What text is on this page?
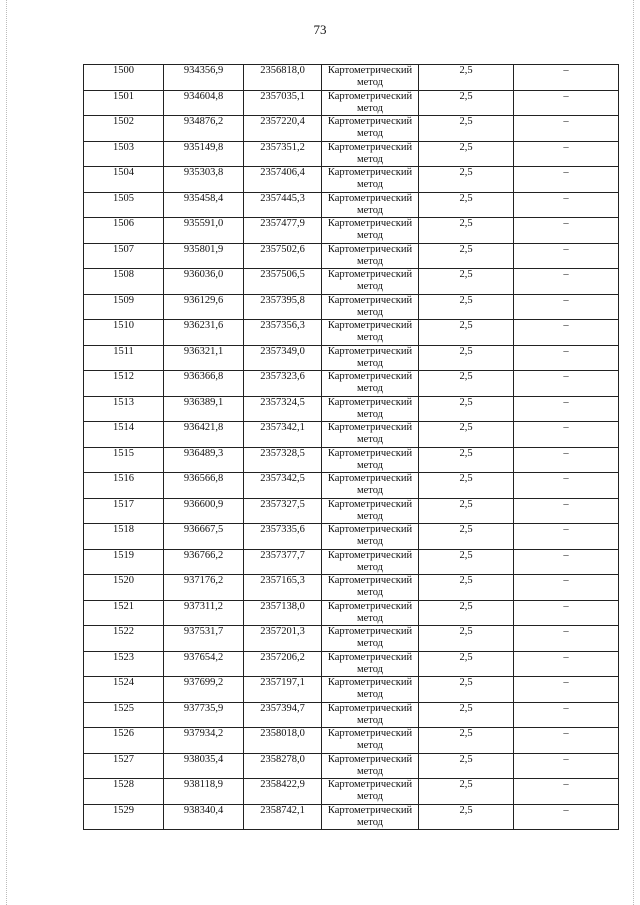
73
1500	934356,9	2356818,0	Картометрический метод	2,5	–
1501	934604,8	2357035,1	Картометрический метод	2,5	–
1502	934876,2	2357220,4	Картометрический метод	2,5	–
1503	935149,8	2357351,2	Картометрический метод	2,5	–
1504	935303,8	2357406,4	Картометрический метод	2,5	–
1505	935458,4	2357445,3	Картометрический метод	2,5	–
1506	935591,0	2357477,9	Картометрический метод	2,5	–
1507	935801,9	2357502,6	Картометрический метод	2,5	–
1508	936036,0	2357506,5	Картометрический метод	2,5	–
1509	936129,6	2357395,8	Картометрический метод	2,5	–
1510	936231,6	2357356,3	Картометрический метод	2,5	–
1511	936321,1	2357349,0	Картометрический метод	2,5	–
1512	936366,8	2357323,6	Картометрический метод	2,5	–
1513	936389,1	2357324,5	Картометрический метод	2,5	–
1514	936421,8	2357342,1	Картометрический метод	2,5	–
1515	936489,3	2357328,5	Картометрический метод	2,5	–
1516	936566,8	2357342,5	Картометрический метод	2,5	–
1517	936600,9	2357327,5	Картометрический метод	2,5	–
1518	936667,5	2357335,6	Картометрический метод	2,5	–
1519	936766,2	2357377,7	Картометрический метод	2,5	–
1520	937176,2	2357165,3	Картометрический метод	2,5	–
1521	937311,2	2357138,0	Картометрический метод	2,5	–
1522	937531,7	2357201,3	Картометрический метод	2,5	–
1523	937654,2	2357206,2	Картометрический метод	2,5	–
1524	937699,2	2357197,1	Картометрический метод	2,5	–
1525	937735,9	2357394,7	Картометрический метод	2,5	–
1526	937934,2	2358018,0	Картометрический метод	2,5	–
1527	938035,4	2358278,0	Картометрический метод	2,5	–
1528	938118,9	2358422,9	Картометрический метод	2,5	–
1529	938340,4	2358742,1	Картометрический метод	2,5	–
